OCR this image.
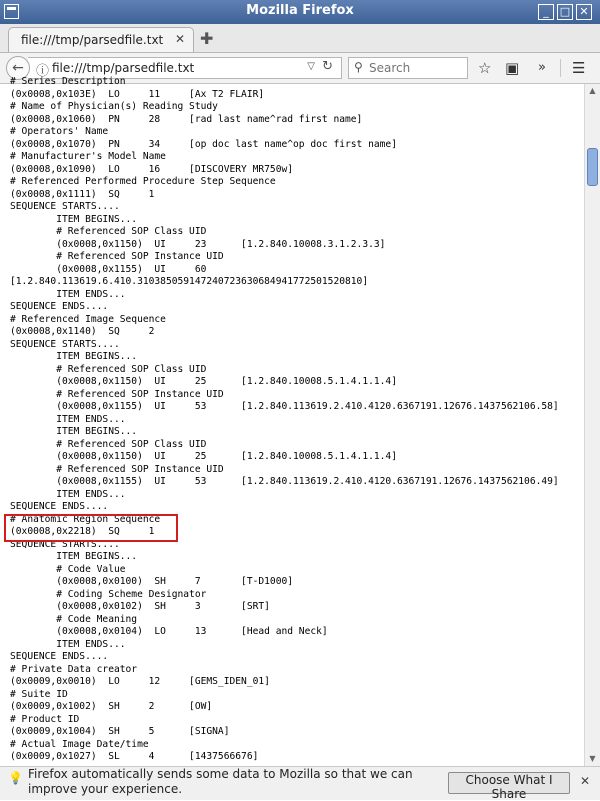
Mozilla Firefox	_	□ ✕
file:///tmp/parsedfile.txt ✕ ✚
ⓘ file:///tmp/parsedfile.txt	▽ ↻
←	⚲
Search	☆ ▣ » ☰
# Series Description
(0x0008,0x103E)  LO     11     [Ax T2 FLAIR]
# Name of Physician(s) Reading Study
(0x0008,0x1060)  PN     28     [rad last name^rad first name]
# Operators' Name
(0x0008,0x1070)  PN     34     [op doc last name^op doc first name]
# Manufacturer's Model Name
(0x0008,0x1090)  LO     16     [DISCOVERY MR750w]
# Referenced Performed Procedure Step Sequence
(0x0008,0x1111)  SQ     1
SEQUENCE STARTS....
ITEM BEGINS...
# Referenced SOP Class UID
(0x0008,0x1150)  UI     23      [1.2.840.10008.3.1.2.3.3]
# Referenced SOP Instance UID
(0x0008,0x1155)  UI     60
[1.2.840.113619.6.410.310385059147240723630684941772501520810]
ITEM ENDS...
SEQUENCE ENDS....
# Referenced Image Sequence
(0x0008,0x1140)  SQ     2
SEQUENCE STARTS....
ITEM BEGINS...
# Referenced SOP Class UID
(0x0008,0x1150)  UI     25      [1.2.840.10008.5.1.4.1.1.4]
# Referenced SOP Instance UID
(0x0008,0x1155)  UI     53      [1.2.840.113619.2.410.4120.6367191.12676.1437562106.58]
ITEM ENDS...
ITEM BEGINS...
# Referenced SOP Class UID
(0x0008,0x1150)  UI     25      [1.2.840.10008.5.1.4.1.1.4]
# Referenced SOP Instance UID
(0x0008,0x1155)  UI     53      [1.2.840.113619.2.410.4120.6367191.12676.1437562106.49]
ITEM ENDS...
SEQUENCE ENDS....
# Anatomic Region Sequence
(0x0008,0x2218)  SQ     1
SEQUENCE STARTS....
ITEM BEGINS...
# Code Value
(0x0008,0x0100)  SH     7       [T-D1000]
# Coding Scheme Designator
(0x0008,0x0102)  SH     3       [SRT]
# Code Meaning
(0x0008,0x0104)  LO     13      [Head and Neck]
ITEM ENDS...
SEQUENCE ENDS....
# Private Data creator
(0x0009,0x0010)  LO     12     [GEMS_IDEN_01]
# Suite ID
(0x0009,0x1002)  SH     2      [OW]
# Product ID
(0x0009,0x1004)  SH     5      [SIGNA]
# Actual Image Date/time
(0x0009,0x1027)  SL     4      [1437566676]
▲
▼
💡 Firefox automatically sends some data to Mozilla so that we can
improve your experience.
Choose What I Share
✕
